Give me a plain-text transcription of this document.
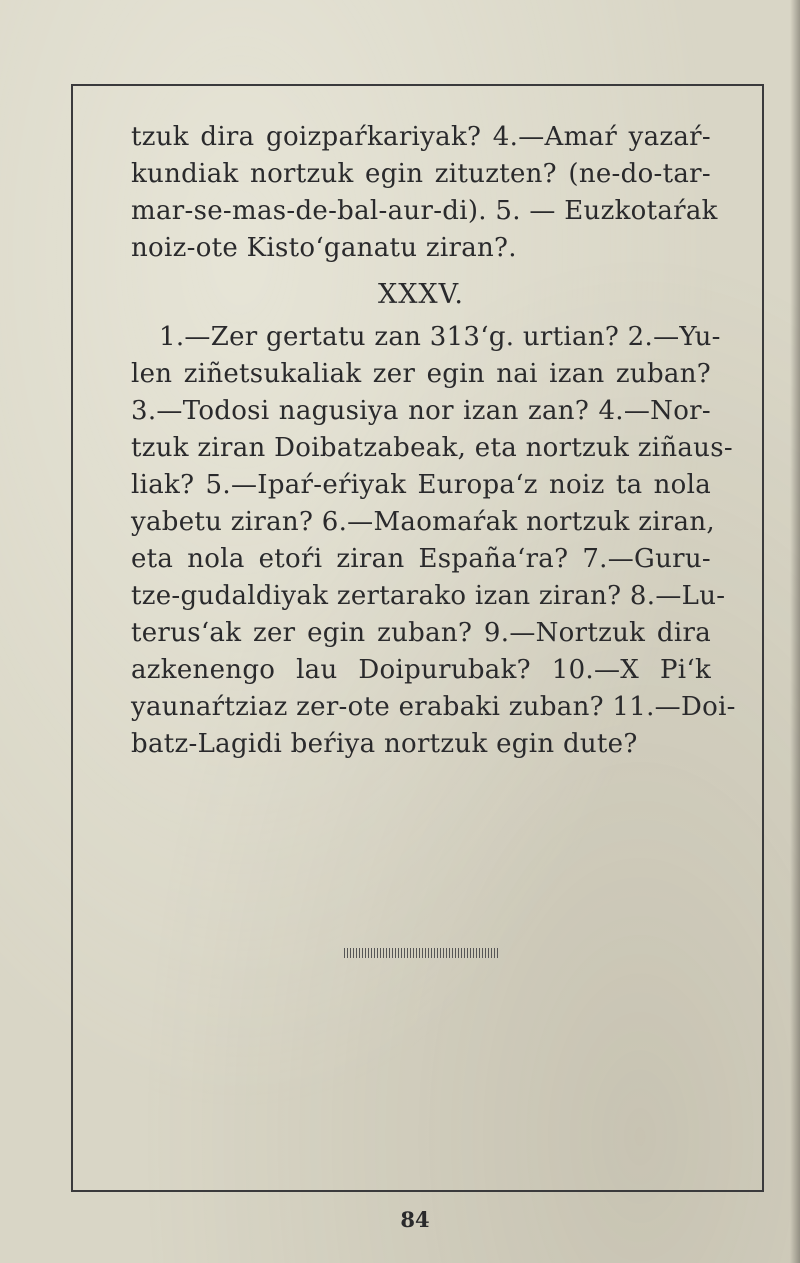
tzuk dira goizpaŕkariyak? 4.—Amaŕ yazaŕ-
kundiak nortzuk egin zituzten? (ne-do-tar-
mar-se-mas-de-bal-aur-di). 5. — Euzkotaŕak
noiz-ote Kisto‘ganatu ziran?.
XXXV.
1.—Zer gertatu zan 313‘g. urtian? 2.—Yu-
len ziñetsukaliak zer egin nai izan zuban?
3.—Todosi nagusiya nor izan zan? 4.—Nor-
tzuk ziran Doibatzabeak, eta nortzuk ziñaus-
liak? 5.—Ipaŕ-eŕiyak Europa‘z noiz ta nola
yabetu ziran? 6.—Maomaŕak nortzuk ziran,
eta nola etoŕi ziran España‘ra? 7.—Guru-
tze-gudaldiyak zertarako izan ziran? 8.—Lu-
terus‘ak zer egin zuban? 9.—Nortzuk dira
azkenengo lau Doipurubak? 10.—X Pi‘k
yaunaŕtziaz zer-ote erabaki zuban? 11.—Doi-
batz-Lagidi beŕiya nortzuk egin dute?
84
